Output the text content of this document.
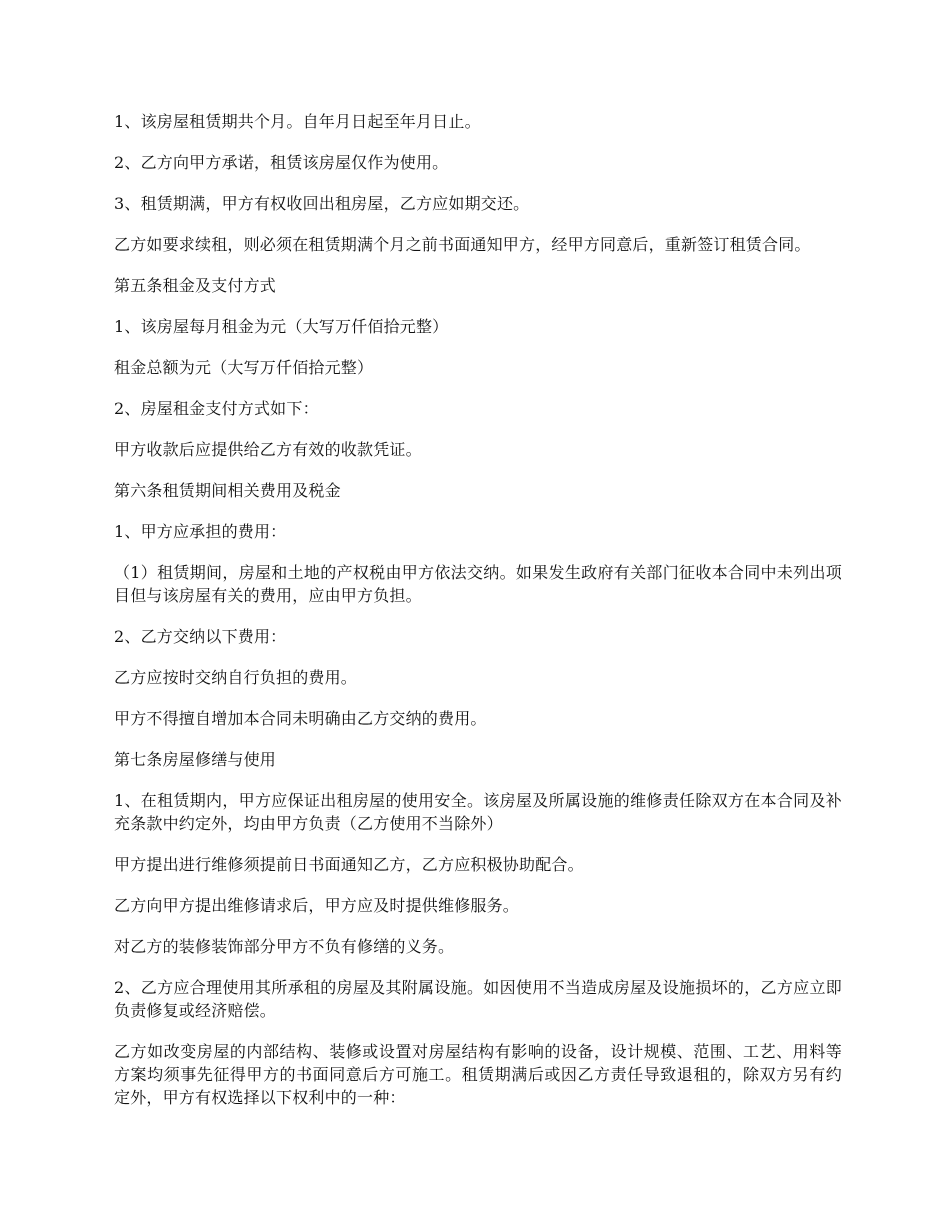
1、该房屋租赁期共个月。自年月日起至年月日止。

2、乙方向甲方承诺，租赁该房屋仅作为使用。

3、租赁期满，甲方有权收回出租房屋，乙方应如期交还。

乙方如要求续租，则必须在租赁期满个月之前书面通知甲方，经甲方同意后，重新签订租赁合同。

第五条租金及支付方式

1、该房屋每月租金为元（大写万仟佰拾元整）

租金总额为元（大写万仟佰拾元整）

2、房屋租金支付方式如下：

甲方收款后应提供给乙方有效的收款凭证。

第六条租赁期间相关费用及税金

1、甲方应承担的费用：

（1）租赁期间，房屋和土地的产权税由甲方依法交纳。如果发生政府有关部门征收本合同中未列出项目但与该房屋有关的费用，应由甲方负担。

2、乙方交纳以下费用：

乙方应按时交纳自行负担的费用。

甲方不得擅自增加本合同未明确由乙方交纳的费用。

第七条房屋修缮与使用

1、在租赁期内，甲方应保证出租房屋的使用安全。该房屋及所属设施的维修责任除双方在本合同及补充条款中约定外，均由甲方负责（乙方使用不当除外）

甲方提出进行维修须提前日书面通知乙方，乙方应积极协助配合。

乙方向甲方提出维修请求后，甲方应及时提供维修服务。

对乙方的装修装饰部分甲方不负有修缮的义务。

2、乙方应合理使用其所承租的房屋及其附属设施。如因使用不当造成房屋及设施损坏的，乙方应立即负责修复或经济赔偿。

乙方如改变房屋的内部结构、装修或设置对房屋结构有影响的设备，设计规模、范围、工艺、用料等方案均须事先征得甲方的书面同意后方可施工。租赁期满后或因乙方责任导致退租的，除双方另有约定外，甲方有权选择以下权利中的一种：
